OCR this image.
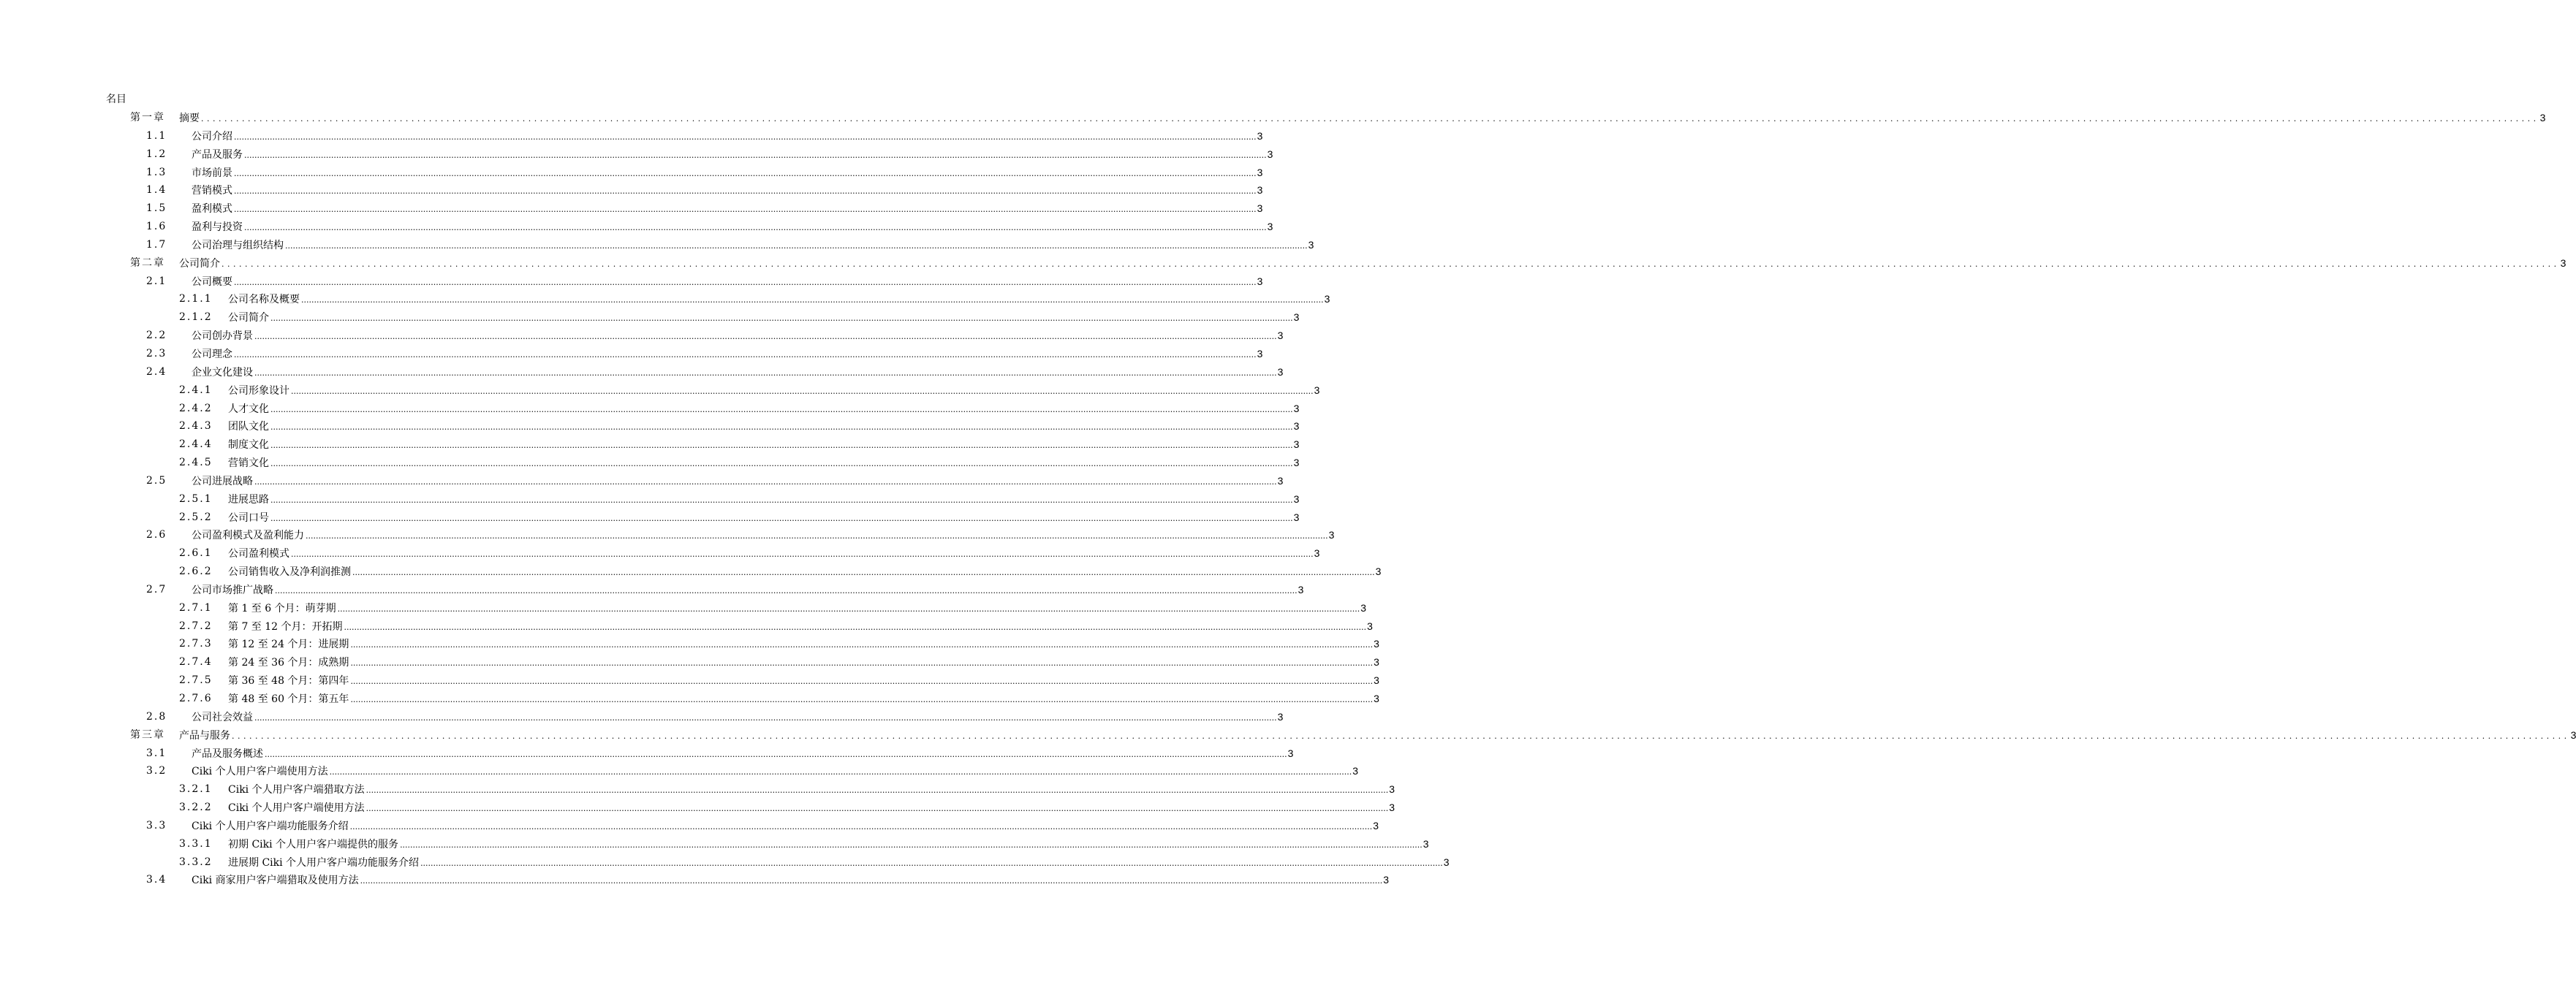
名目
第一章 摘要 ................................................................................................................................................................................................................................................................................................................................................................................................................ 3
1.1 公司介绍 ................................................................................................................................................................................................................................................................................................................................................................................................................ 3
1.2 产品及服务 ................................................................................................................................................................................................................................................................................................................................................................................................................ 3
1.3 市场前景 ................................................................................................................................................................................................................................................................................................................................................................................................................ 3
1.4 营销模式 ................................................................................................................................................................................................................................................................................................................................................................................................................ 3
1.5 盈利模式 ................................................................................................................................................................................................................................................................................................................................................................................................................ 3
1.6 盈利与投资 ................................................................................................................................................................................................................................................................................................................................................................................................................ 3
1.7 公司治理与组织结构 ................................................................................................................................................................................................................................................................................................................................................................................................................ 3
第二章 公司简介 ................................................................................................................................................................................................................................................................................................................................................................................................................ 3
2.1 公司概要 ................................................................................................................................................................................................................................................................................................................................................................................................................ 3
2.1.1 公司名称及概要 ................................................................................................................................................................................................................................................................................................................................................................................................................ 3
2.1.2 公司简介 ................................................................................................................................................................................................................................................................................................................................................................................................................ 3
2.2 公司创办背景 ................................................................................................................................................................................................................................................................................................................................................................................................................ 3
2.3 公司理念 ................................................................................................................................................................................................................................................................................................................................................................................................................ 3
2.4 企业文化建设 ................................................................................................................................................................................................................................................................................................................................................................................................................ 3
2.4.1 公司形象设计 ................................................................................................................................................................................................................................................................................................................................................................................................................ 3
2.4.2 人才文化 ................................................................................................................................................................................................................................................................................................................................................................................................................ 3
2.4.3 团队文化 ................................................................................................................................................................................................................................................................................................................................................................................................................ 3
2.4.4 制度文化 ................................................................................................................................................................................................................................................................................................................................................................................................................ 3
2.4.5 营销文化 ................................................................................................................................................................................................................................................................................................................................................................................................................ 3
2.5 公司进展战略 ................................................................................................................................................................................................................................................................................................................................................................................................................ 3
2.5.1 进展思路 ................................................................................................................................................................................................................................................................................................................................................................................................................ 3
2.5.2 公司口号 ................................................................................................................................................................................................................................................................................................................................................................................................................ 3
2.6 公司盈利模式及盈利能力 ................................................................................................................................................................................................................................................................................................................................................................................................................ 3
2.6.1 公司盈利模式 ................................................................................................................................................................................................................................................................................................................................................................................................................ 3
2.6.2 公司销售收入及净利润推测 ................................................................................................................................................................................................................................................................................................................................................................................................................ 3
2.7 公司市场推广战略 ................................................................................................................................................................................................................................................................................................................................................................................................................ 3
2.7.1 第 1 至 6 个月：萌芽期 ................................................................................................................................................................................................................................................................................................................................................................................................................ 3
2.7.2 第 7 至 12 个月：开拓期 ................................................................................................................................................................................................................................................................................................................................................................................................................ 3
2.7.3 第 12 至 24 个月：进展期 ................................................................................................................................................................................................................................................................................................................................................................................................................ 3
2.7.4 第 24 至 36 个月：成熟期 ................................................................................................................................................................................................................................................................................................................................................................................................................ 3
2.7.5 第 36 至 48 个月：第四年 ................................................................................................................................................................................................................................................................................................................................................................................................................ 3
2.7.6 第 48 至 60 个月：第五年 ................................................................................................................................................................................................................................................................................................................................................................................................................ 3
2.8 公司社会效益 ................................................................................................................................................................................................................................................................................................................................................................................................................ 3
第三章 产品与服务 ................................................................................................................................................................................................................................................................................................................................................................................................................ 3
3.1 产品及服务概述 ................................................................................................................................................................................................................................................................................................................................................................................................................ 3
3.2 Ciki 个人用户客户端使用方法 ................................................................................................................................................................................................................................................................................................................................................................................................................ 3
3.2.1 Ciki 个人用户客户端猎取方法 ................................................................................................................................................................................................................................................................................................................................................................................................................ 3
3.2.2 Ciki 个人用户客户端使用方法 ................................................................................................................................................................................................................................................................................................................................................................................................................ 3
3.3 Ciki 个人用户客户端功能服务介绍 ................................................................................................................................................................................................................................................................................................................................................................................................................ 3
3.3.1 初期 Ciki 个人用户客户端提供的服务 ................................................................................................................................................................................................................................................................................................................................................................................................................ 3
3.3.2 进展期 Ciki 个人用户客户端功能服务介绍 ................................................................................................................................................................................................................................................................................................................................................................................................................ 3
3.4 Ciki 商家用户客户端猎取及使用方法 ................................................................................................................................................................................................................................................................................................................................................................................................................ 3
